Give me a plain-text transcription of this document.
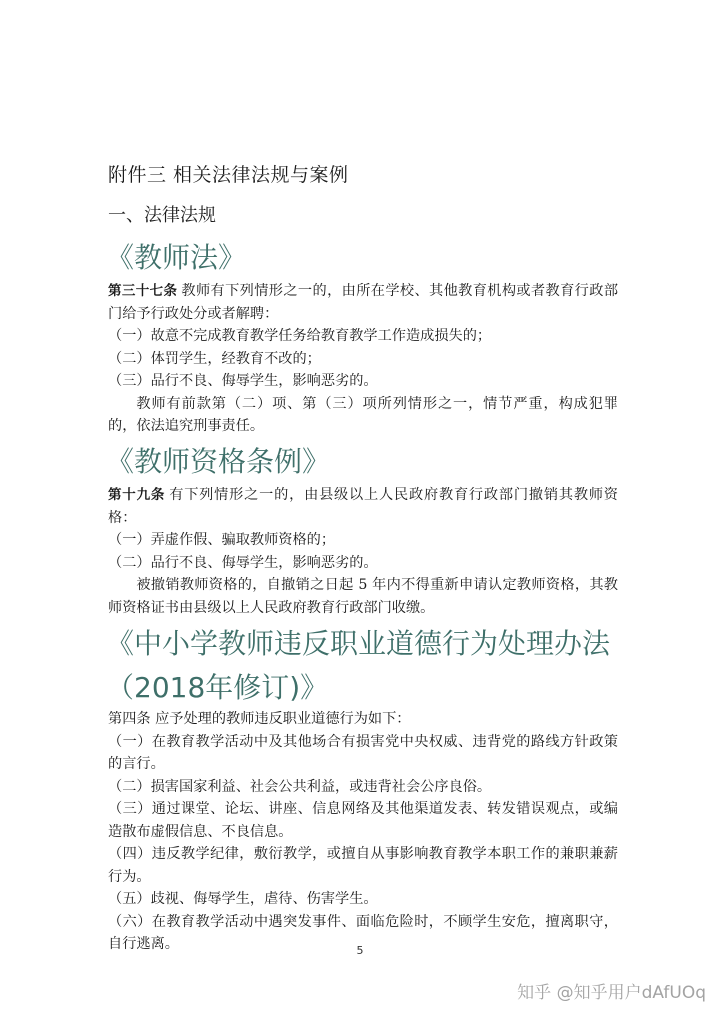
附件三 相关法律法规与案例
一、法律法规
《教师法》

第三十七条 教师有下列情形之一的，由所在学校、其他教育机构或者教育行政部门给予行政处分或者解聘：

（一）故意不完成教育教学任务给教育教学工作造成损失的；

（二）体罚学生，经教育不改的；

（三）品行不良、侮辱学生，影响恶劣的。

教师有前款第（二）项、第（三）项所列情形之一，情节严重，构成犯罪的，依法追究刑事责任。

《教师资格条例》

第十九条 有下列情形之一的，由县级以上人民政府教育行政部门撤销其教师资格：

（一）弄虚作假、骗取教师资格的；

（二）品行不良、侮辱学生，影响恶劣的。

被撤销教师资格的，自撤销之日起 5 年内不得重新申请认定教师资格，其教师资格证书由县级以上人民政府教育行政部门收缴。

《中小学教师违反职业道德行为处理办法（2018年修订)》

第四条 应予处理的教师违反职业道德行为如下：

（一）在教育教学活动中及其他场合有损害党中央权威、违背党的路线方针政策的言行。

（二）损害国家利益、社会公共利益，或违背社会公序良俗。

（三）通过课堂、论坛、讲座、信息网络及其他渠道发表、转发错误观点，或编造散布虚假信息、不良信息。

（四）违反教学纪律，敷衍教学，或擅自从事影响教育教学本职工作的兼职兼薪行为。

（五）歧视、侮辱学生，虐待、伤害学生。

（六）在教育教学活动中遇突发事件、面临危险时，不顾学生安危，擅离职守，自行逃离。	5
知乎 @知乎用户dAfUOq
